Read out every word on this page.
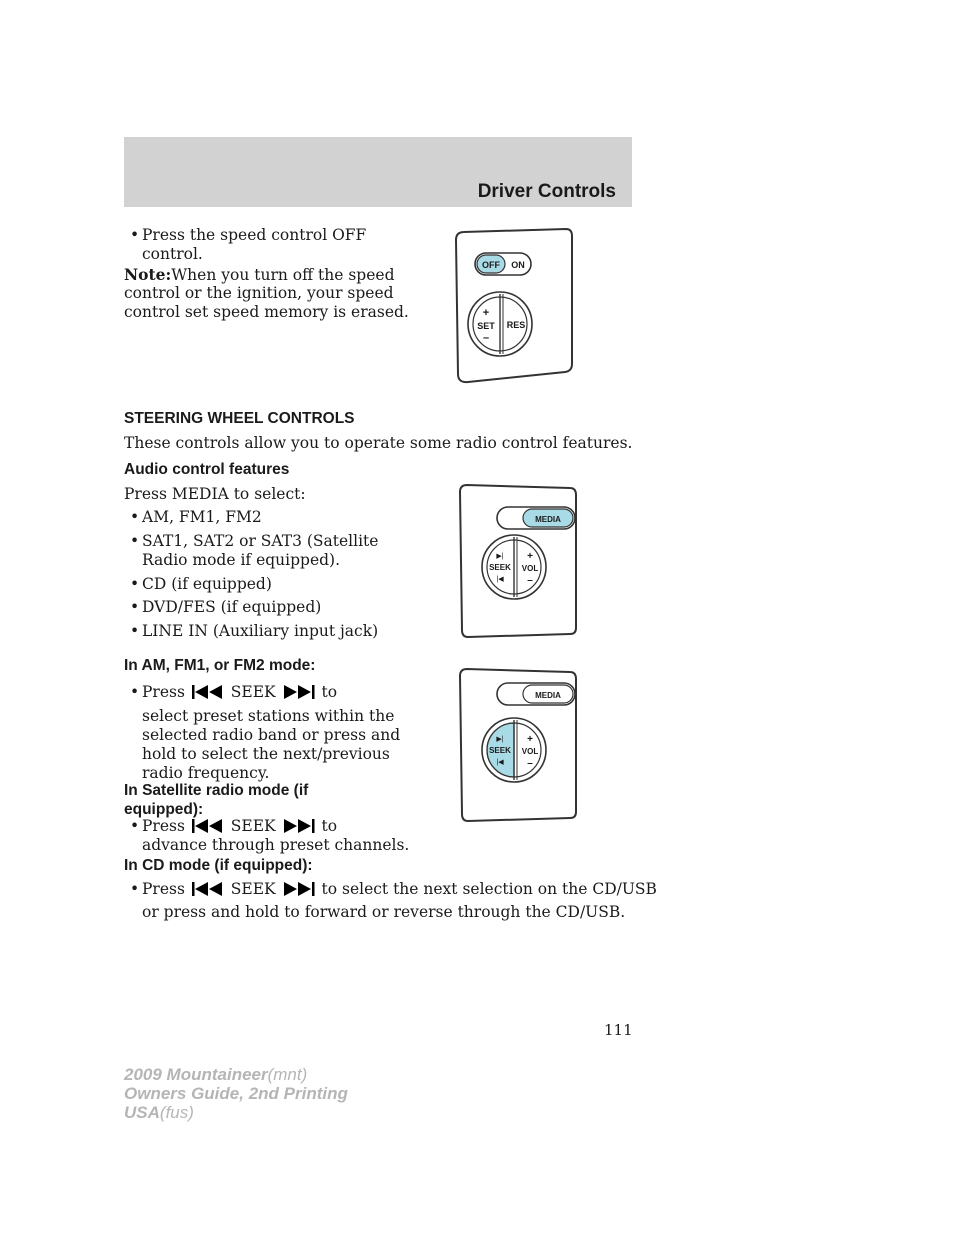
Driver Controls
• Press the speed control OFF
control.
Note:When you turn off the speed
control or the ignition, your speed
control set speed memory is erased.
OFF ON
+
SET
–
RES
STEERING WHEEL CONTROLS
These controls allow you to operate some radio control features.
Audio control features
Press MEDIA to select:
• AM, FM1, FM2
• SAT1, SAT2 or SAT3 (Satellite
Radio mode if equipped).
• CD (if equipped)
• DVD/FES (if equipped)
• LINE IN (Auxiliary input jack)
MEDIA
▶|
SEEK
|◀
+
VOL
–
In AM, FM1, or FM2 mode:
• Press	SEEK	to
select preset stations within the
selected radio band or press and
hold to select the next/previous
radio frequency.
MEDIA
▶|
SEEK
|◀
+
VOL
–
In Satellite radio mode (if
equipped):
• Press	SEEK	to
advance through preset channels.
In CD mode (if equipped):
• Press	SEEK	to select the next selection on the CD/USB
or press and hold to forward or reverse through the CD/USB.
111
2009 Mountaineer(mnt)
Owners Guide, 2nd Printing
USA(fus)
